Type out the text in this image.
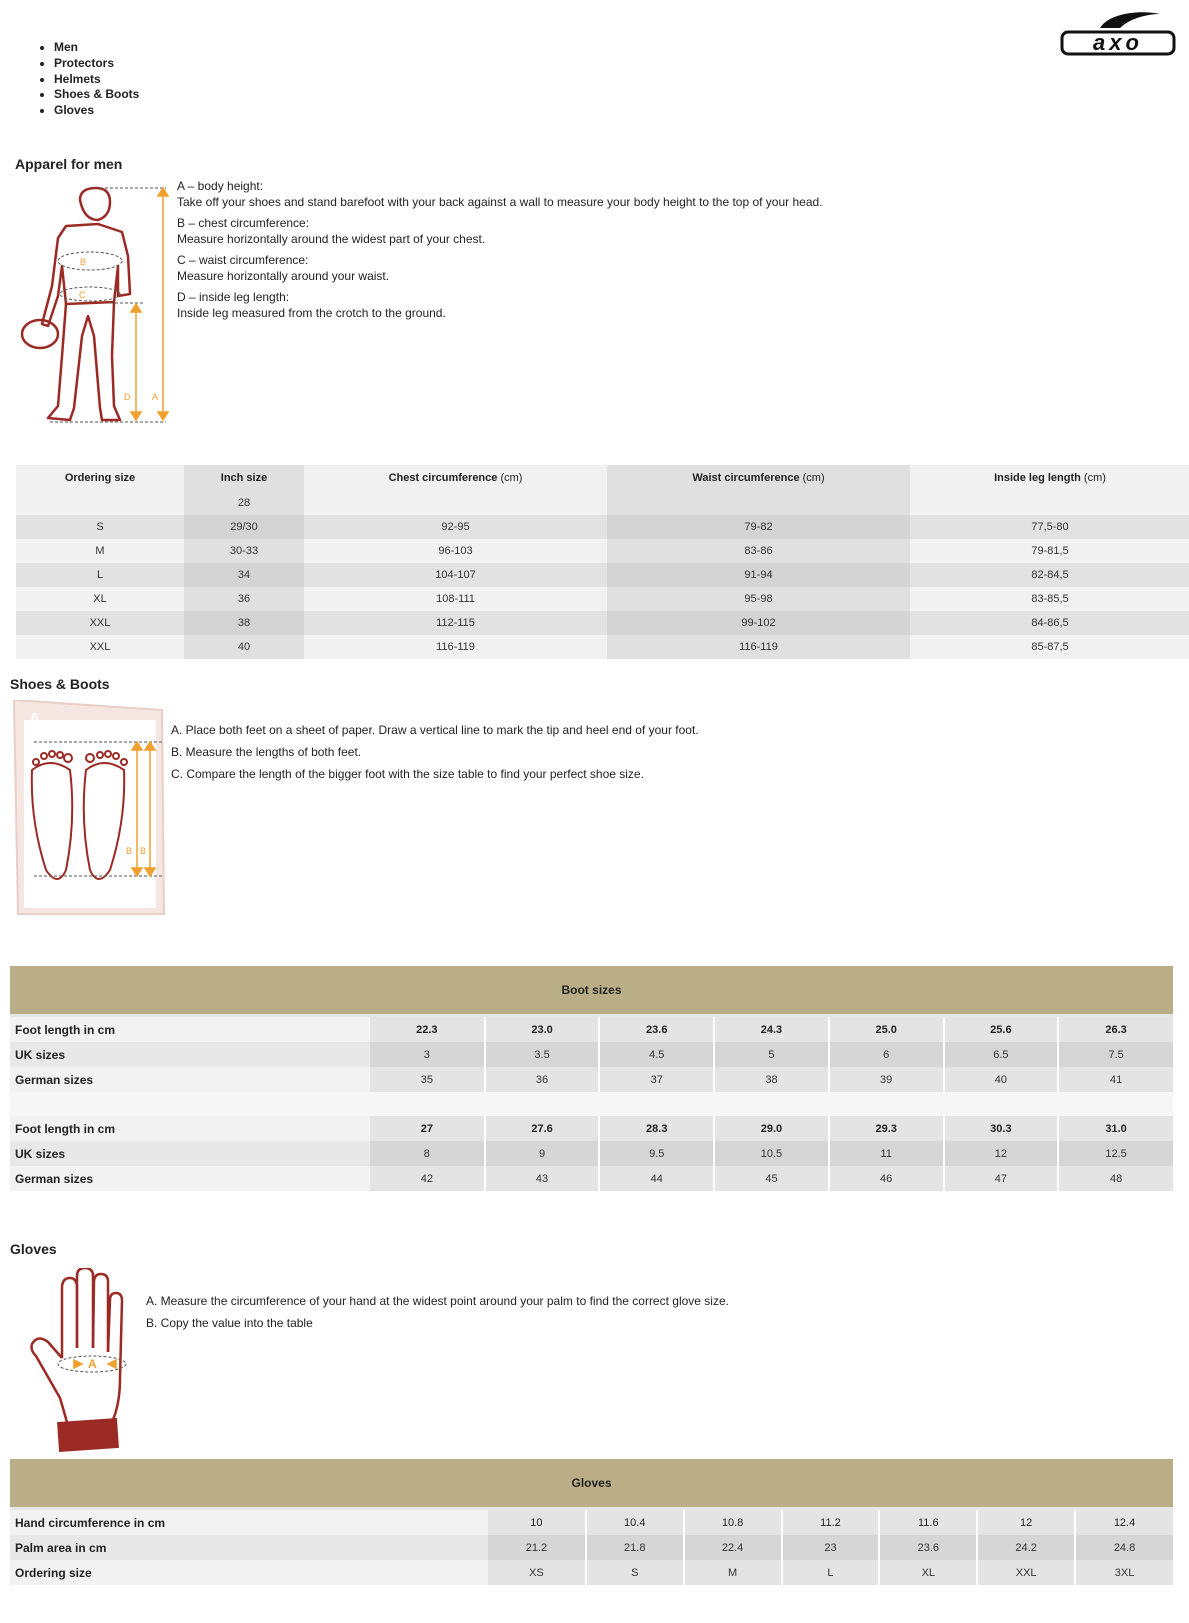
• Men
• Protectors
• Helmets
• Shoes & Boots
• Gloves
axo
Apparel for men
B
C
D A

A – body height:
Take off your shoes and stand barefoot with your back against a wall to measure your body height to the top of your head.

B – chest circumference:
Measure horizontally around the widest part of your chest.

C – waist circumference:
Measure horizontally around your waist.

D – inside leg length:
Inside leg measured from the crotch to the ground.

Ordering size	Inch size	Chest circumference (cm)	Waist circumference (cm)	Inside leg length (cm)
	28			
S	29/30	92-95	79-82	77,5-80
M	30-33	96-103	83-86	79-81,5
L	34	104-107	91-94	82-84,5
XL	36	108-111	95-98	83-85,5
XXL	38	112-115	99-102	84-86,5
XXL	40	116-119	116-119	85-87,5
Shoes & Boots
A
B B

A. Place both feet on a sheet of paper. Draw a vertical line to mark the tip and heel end of your foot.

B. Measure the lengths of both feet.

C. Compare the length of the bigger foot with the size table to find your perfect shoe size.

Boot sizes
Foot length in cm	22.3	23.0	23.6	24.3	25.0	25.6	26.3
UK sizes	3	3.5	4.5	5	6	6.5	7.5
German sizes	35	36	37	38	39	40	41
Foot length in cm	27	27.6	28.3	29.0	29.3	30.3	31.0
UK sizes	8	9	9.5	10.5	11	12	12.5
German sizes	42	43	44	45	46	47	48
Gloves
A

A. Measure the circumference of your hand at the widest point around your palm to find the correct glove size.

B. Copy the value into the table

Gloves
Hand circumference in cm	10	10.4	10.8	11.2	11.6	12	12.4
Palm area in cm	21.2	21.8	22.4	23	23.6	24.2	24.8
Ordering size	XS	S	M	L	XL	XXL	3XL
